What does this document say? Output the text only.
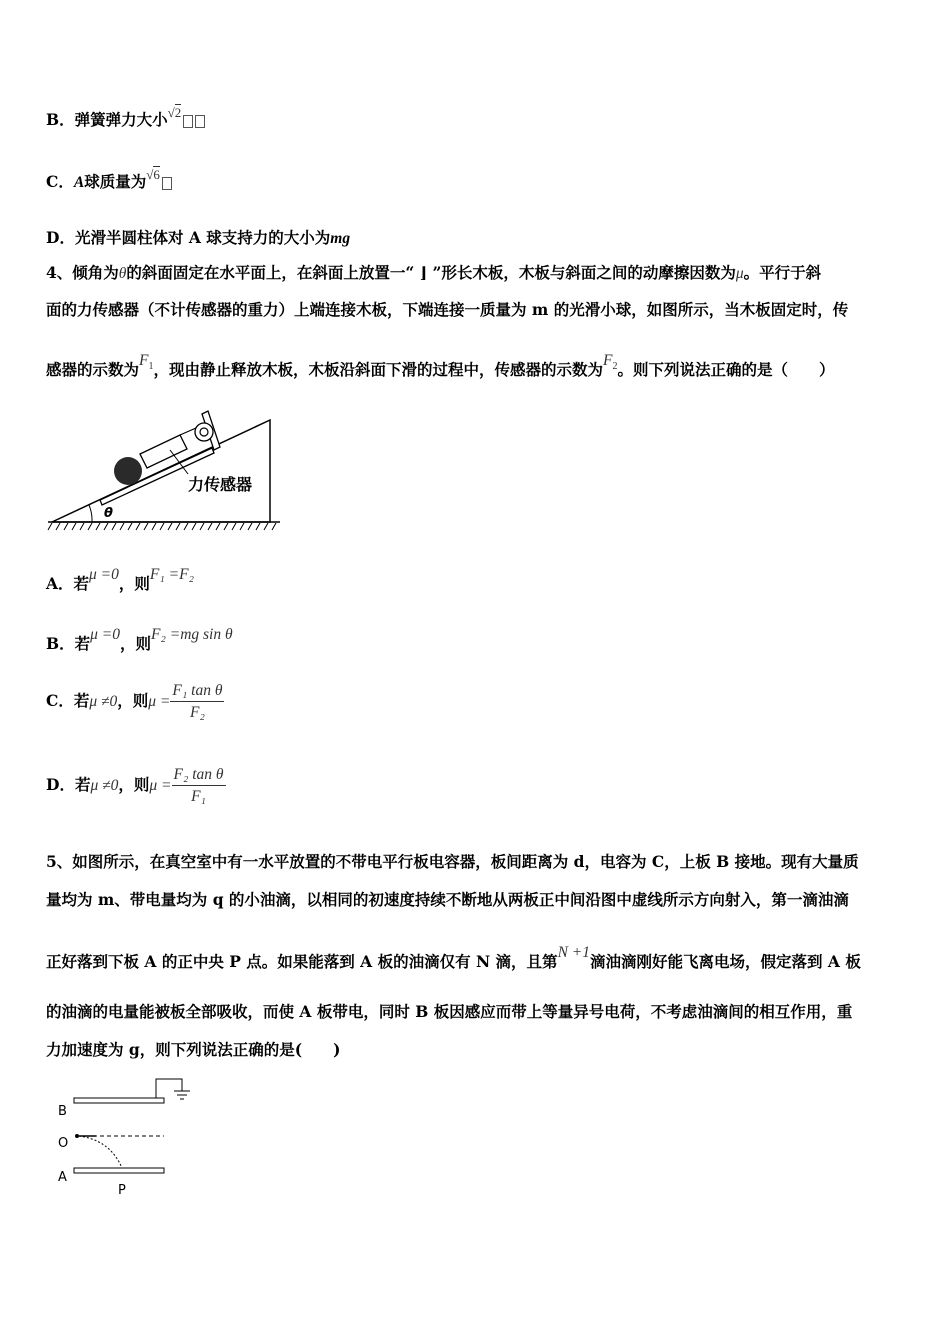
B．弹簧弹力大小$^{√2}$
C．A球质量为$^{√6}$
D．光滑半圆柱体对 A 球支持力的大小为mg
4、倾角为θ的斜面固定在水平面上，在斜面上放置一“ ⌋ ”形长木板，木板与斜面之间的动摩擦因数为μ。平行于斜
面的力传感器（不计传感器的重力）上端连接木板，下端连接一质量为 m 的光滑小球，如图所示，当木板固定时，传
感器的示数为$F_1$，现由静止释放木板，木板沿斜面下滑的过程中，传感器的示数为$F_2$。则下列说法正确的是（　　）
力传感器
θ
A．若μ =0，则F₁ =F₂
B．若μ =0，则F₂ =mg sin θ
C．若μ ≠0，则$\mu = \frac{\text{F₁ tan θ}}{\text{F₂}}$
D．若μ ≠0，则$\mu = \frac{\text{F₂ tan θ}}{\text{F₁}}$
5、如图所示，在真空室中有一水平放置的不带电平行板电容器，板间距离为 d，电容为 C，上板 B 接地。现有大量质
量均为 m、带电量均为 q 的小油滴，以相同的初速度持续不断地从两板正中间沿图中虚线所示方向射入，第一滴油滴
正好落到下板 A 的正中央 P 点。如果能落到 A 板的油滴仅有 N 滴，且第N +1滴油滴刚好能飞离电场，假定落到 A 板
的油滴的电量能被板全部吸收，而使 A 板带电，同时 B 板因感应而带上等量异号电荷，不考虑油滴间的相互作用，重
力加速度为 g，则下列说法正确的是(　　)
B
O
A
P
